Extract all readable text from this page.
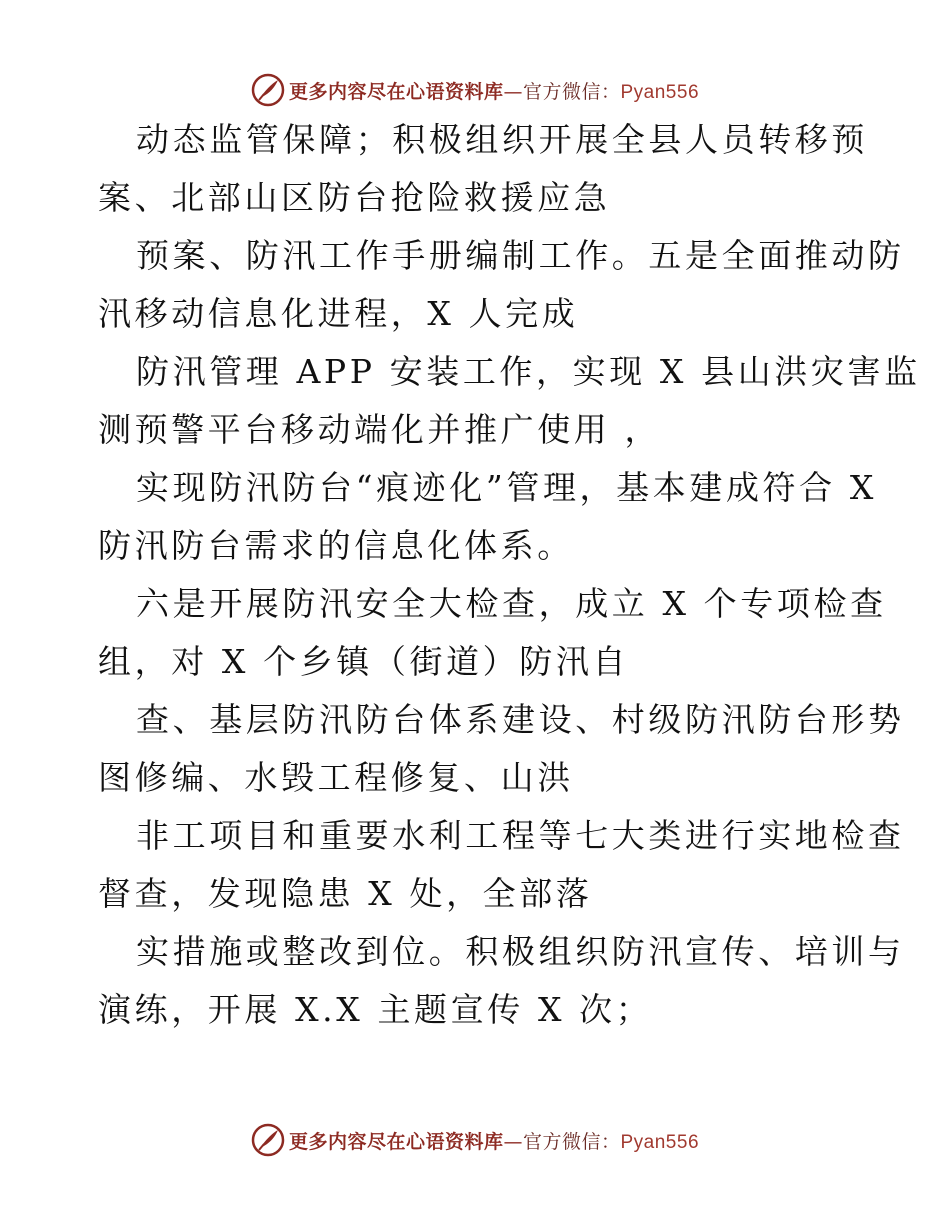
更多内容尽在心语资料库—官方微信：Pyan556
动态监管保障；积极组织开展全县人员转移预
案、北部山区防台抢险救援应急
预案、防汛工作手册编制工作。五是全面推动防
汛移动信息化进程，X 人完成
防汛管理 APP 安装工作，实现 X 县山洪灾害监
测预警平台移动端化并推广使用 ，
实现防汛防台“痕迹化”管理，基本建成符合 X
防汛防台需求的信息化体系。
六是开展防汛安全大检查，成立 X 个专项检查
组，对 X 个乡镇（街道）防汛自
查、基层防汛防台体系建设、村级防汛防台形势
图修编、水毁工程修复、山洪
非工项目和重要水利工程等七大类进行实地检查
督查，发现隐患 X 处，全部落
实措施或整改到位。积极组织防汛宣传、培训与
演练，开展 X.X 主题宣传 X 次；
更多内容尽在心语资料库—官方微信：Pyan556
